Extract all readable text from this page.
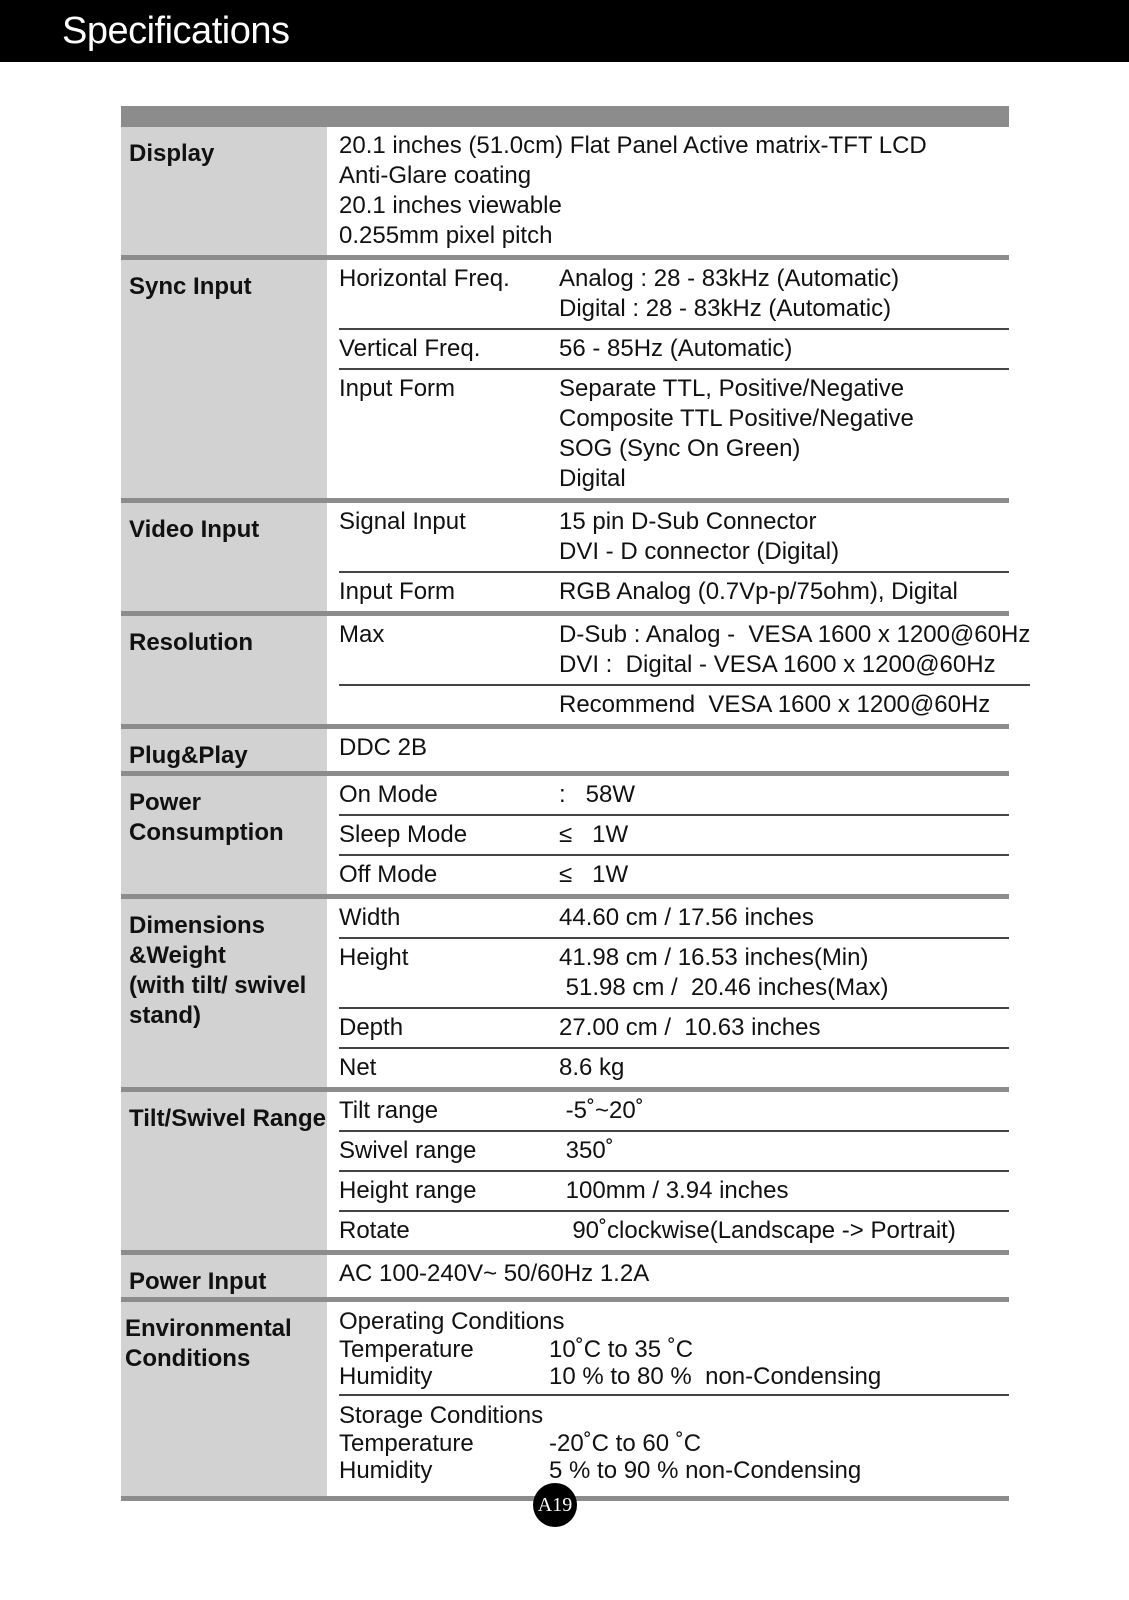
Specifications
Display	20.1 inches (51.0cm) Flat Panel Active matrix-TFT LCD
Anti-Glare coating
20.1 inches viewable
0.255mm pixel pitch
Sync Input	Horizontal Freq.	Analog : 28 - 83kHz (Automatic)
Digital : 28 - 83kHz (Automatic)
Vertical Freq.	56 - 85Hz (Automatic)
Input Form	Separate TTL, Positive/Negative
Composite TTL Positive/Negative
SOG (Sync On Green)
Digital
Video Input	Signal Input	15 pin D-Sub Connector
DVI - D connector (Digital)
Input Form	RGB Analog (0.7Vp-p/75ohm), Digital
Resolution	Max	D-Sub : Analog -  VESA 1600 x 1200@60Hz
DVI :  Digital - VESA 1600 x 1200@60Hz
Recommend  VESA 1600 x 1200@60Hz
Plug&Play	DDC 2B
Power
Consumption
On Mode	:   58W
Sleep Mode	≤   1W
Off Mode	≤   1W
Dimensions
&Weight
(with tilt/ swivel
stand)
Width	44.60 cm / 17.56 inches
Height	41.98 cm / 16.53 inches(Min)
51.98 cm /  20.46 inches(Max)
Depth	27.00 cm /  10.63 inches
Net	8.6 kg
Tilt/Swivel Range Tilt range	-5˚~20˚
Swivel range	350˚
Height range	100mm / 3.94 inches
Rotate	90˚clockwise(Landscape -> Portrait)
Power Input	AC 100-240V~ 50/60Hz 1.2A
Environmental
Conditions
Operating Conditions
Temperature	10˚C to 35 ˚C
Humidity	10 % to 80 %  non-Condensing
Storage Conditions
Temperature	-20˚C to 60 ˚C
Humidity	5 % to 90 % non-Condensing
A19
